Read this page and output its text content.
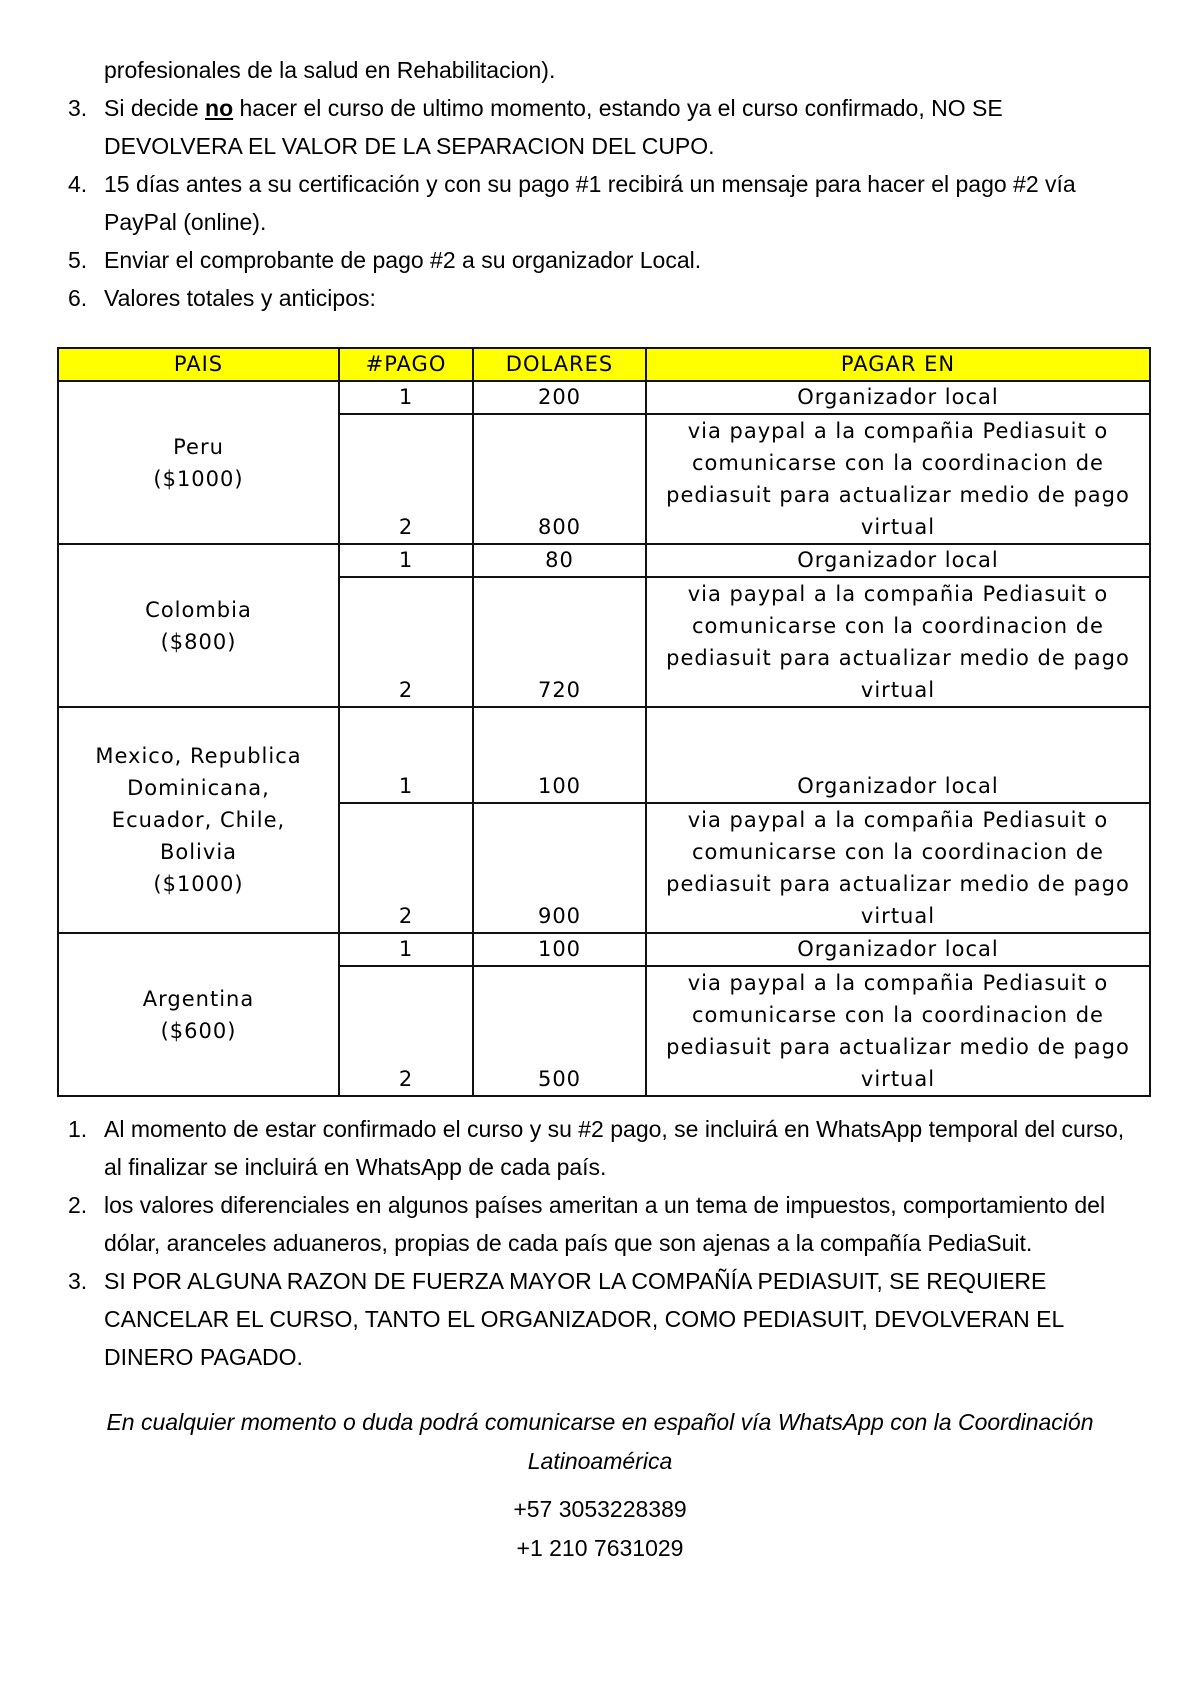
profesionales de la salud en Rehabilitacion).
3. Si decide no hacer el curso de ultimo momento, estando ya el curso confirmado, NO SE DEVOLVERA EL VALOR DE LA SEPARACION DEL CUPO.
4. 15 días antes a su certificación y con su pago #1 recibirá un mensaje para hacer el pago #2 vía PayPal (online).
5. Enviar el comprobante de pago #2 a su organizador Local.
6. Valores totales y anticipos:
PAIS	#PAGO	DOLARES	PAGAR EN

Peru
($1000)	1	200	Organizador local
	2	800	via paypal a la compañia Pediasuit o comunicarse con la coordinacion de pediasuit para actualizar medio de pago virtual

Colombia
($800)	1	80	Organizador local
	2	720	via paypal a la compañia Pediasuit o comunicarse con la coordinacion de pediasuit para actualizar medio de pago virtual

Mexico, Republica Dominicana, Ecuador, Chile, Bolivia
($1000)	1	100	Organizador local
	2	900	via paypal a la compañia Pediasuit o comunicarse con la coordinacion de pediasuit para actualizar medio de pago virtual

Argentina
($600)	1	100	Organizador local
	2	500	via paypal a la compañia Pediasuit o comunicarse con la coordinacion de pediasuit para actualizar medio de pago virtual
1. Al momento de estar confirmado el curso y su #2 pago, se incluirá en WhatsApp temporal del curso, al finalizar se incluirá en WhatsApp de cada país.
2. los valores diferenciales en algunos países ameritan a un tema de impuestos, comportamiento del dólar, aranceles aduaneros, propias de cada país que son ajenas a la compañía PediaSuit.
3. SI POR ALGUNA RAZON DE FUERZA MAYOR LA COMPAÑÍA PEDIASUIT, SE REQUIERE CANCELAR EL CURSO, TANTO EL ORGANIZADOR, COMO PEDIASUIT, DEVOLVERAN EL DINERO PAGADO.
En cualquier momento o duda podrá comunicarse en español vía WhatsApp con la Coordinación Latinoamérica
+57 3053228389
+1 210 7631029
